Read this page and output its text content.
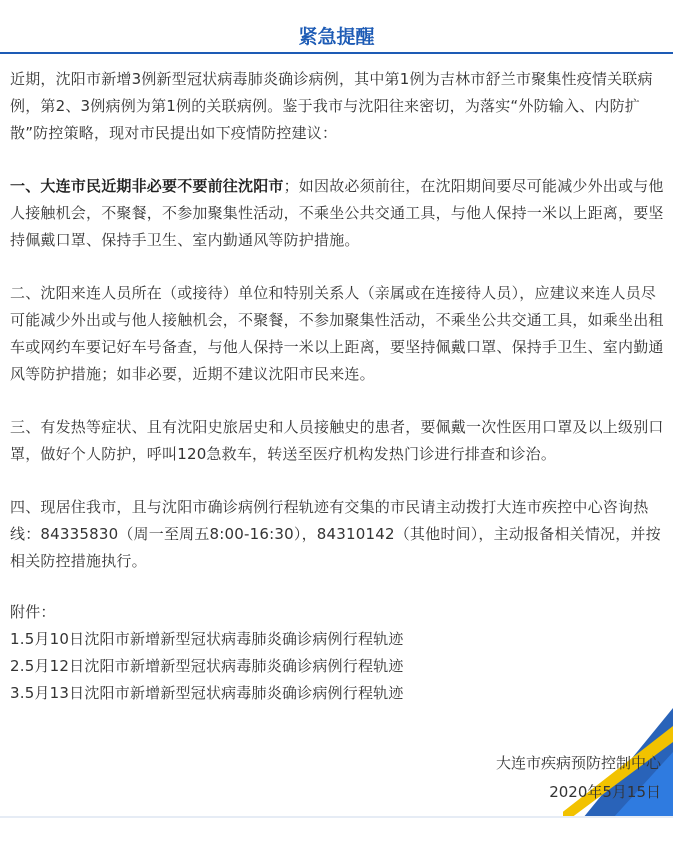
紧急提醒

近期，沈阳市新增3例新型冠状病毒肺炎确诊病例，其中第1例为吉林市舒兰市聚集性疫情关联病例，第2、3例病例为第1例的关联病例。鉴于我市与沈阳往来密切，为落实“外防输入、内防扩散”防控策略，现对市民提出如下疫情防控建议：

一、大连市民近期非必要不要前往沈阳市；如因故必须前往，在沈阳期间要尽可能减少外出或与他人接触机会，不聚餐，不参加聚集性活动，不乘坐公共交通工具，与他人保持一米以上距离，要坚持佩戴口罩、保持手卫生、室内勤通风等防护措施。

二、沈阳来连人员所在（或接待）单位和特别关系人（亲属或在连接待人员），应建议来连人员尽可能减少外出或与他人接触机会，不聚餐，不参加聚集性活动，不乘坐公共交通工具，如乘坐出租车或网约车要记好车号备查，与他人保持一米以上距离，要坚持佩戴口罩、保持手卫生、室内勤通风等防护措施；如非必要，近期不建议沈阳市民来连。

三、有发热等症状、且有沈阳史旅居史和人员接触史的患者，要佩戴一次性医用口罩及以上级别口罩，做好个人防护，呼叫120急救车，转送至医疗机构发热门诊进行排查和诊治。

四、现居住我市，且与沈阳市确诊病例行程轨迹有交集的市民请主动拨打大连市疾控中心咨询热线：84335830（周一至周五8:00-16:30），84310142（其他时间），主动报备相关情况，并按相关防控措施执行。

附件：

1.5月10日沈阳市新增新型冠状病毒肺炎确诊病例行程轨迹

2.5月12日沈阳市新增新型冠状病毒肺炎确诊病例行程轨迹

3.5月13日沈阳市新增新型冠状病毒肺炎确诊病例行程轨迹

大连市疾病预防控制中心
2020年5月15日
